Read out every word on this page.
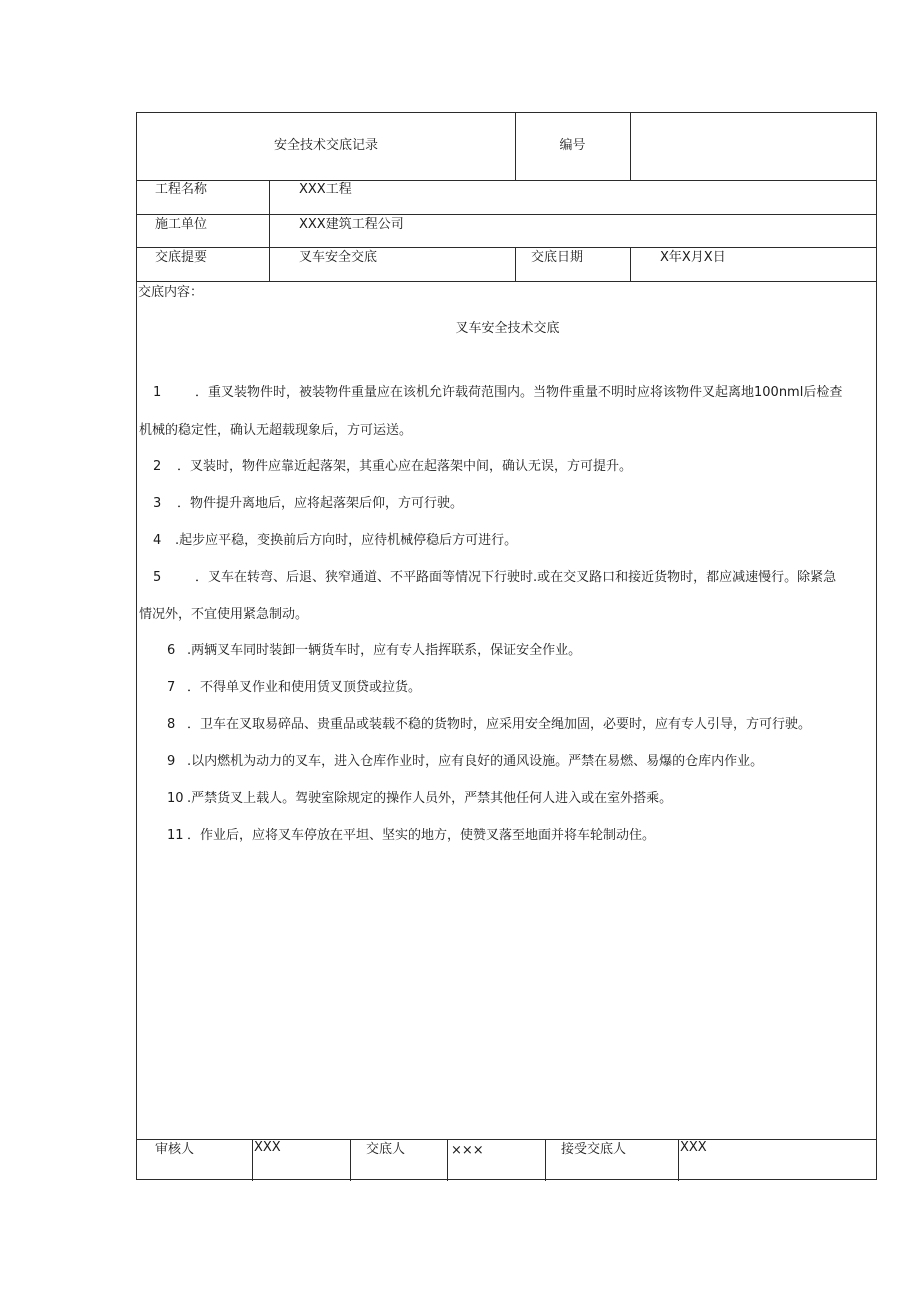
安全技术交底记录	编号
工程名称	XXX工程
施工单位	XXX建筑工程公司
交底提要	叉车安全交底	交底日期	X年X月X日
交底内容：
叉车安全技术交底
1	．重叉装物件时，被装物件重量应在该机允许载荷范围内。当物件重量不明时应将该物件叉起离地100nml后检查
机械的稳定性，确认无超载现象后，方可运送。
2 ．叉装时，物件应靠近起落架，其重心应在起落架中间，确认无误，方可提升。
3 ．物件提升离地后，应将起落架后仰，方可行驶。
4 .起步应平稳，变换前后方向时，应待机械停稳后方可进行。
5	．叉车在转弯、后退、狭窄通道、不平路面等情况下行驶时.或在交叉路口和接近货物时，都应减速慢行。除紧急
情况外，不宜使用紧急制动。
6 .两辆叉车同时装卸一辆货车时，应有专人指挥联系，保证安全作业。
7 ．不得单叉作业和使用赁叉顶贷或拉货。
8 ．卫车在叉取易碎品、贵重品或装载不稳的货物时，应采用安全绳加固，必要时，应有专人引导，方可行驶。
9 .以内燃机为动力的叉车，进入仓库作业时，应有良好的通风设施。严禁在易燃、易爆的仓库内作业。
10 .严禁货叉上载人。驾驶室除规定的操作人员外，严禁其他任何人进入或在室外搭乘。
11 ．作业后，应将叉车停放在平坦、坚实的地方，使赞叉落至地面并将车轮制动住。
审核人	XXX	交底人	×××	接受交底人	XXX
